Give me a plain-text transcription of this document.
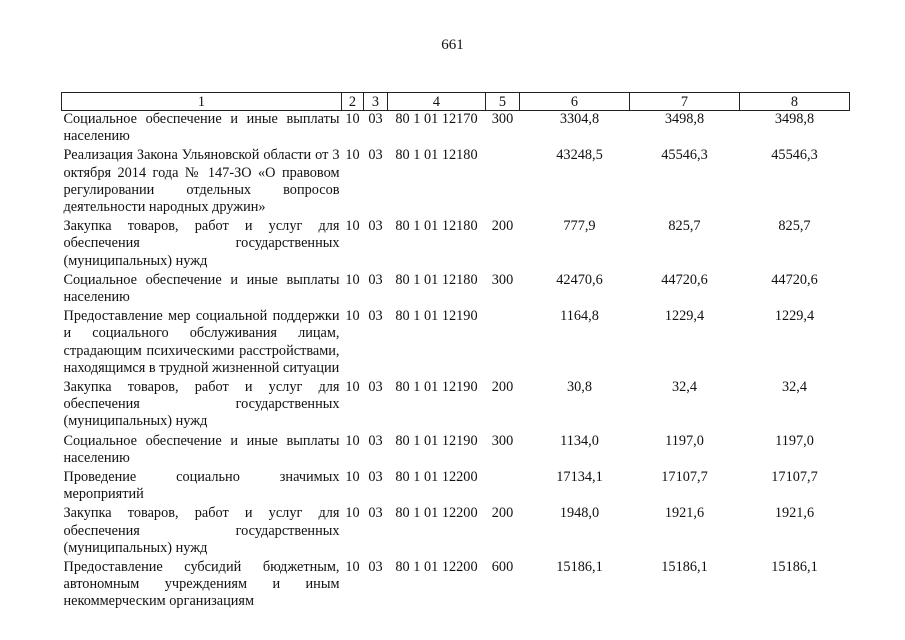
661
1	2	3	4	5	6	7	8
Социальное обеспечение и иные выплаты населению	10	03	80 1 01 12170	300	3304,8	3498,8	3498,8
Реализация Закона Ульяновской области от 3 октября 2014 года № 147-ЗО «О правовом регулировании отдельных вопросов деятельности народных дружин»	10	03	80 1 01 12180		43248,5	45546,3	45546,3
Закупка товаров, работ и услуг для обеспечения государственных (муниципальных) нужд	10	03	80 1 01 12180	200	777,9	825,7	825,7
Социальное обеспечение и иные выплаты населению	10	03	80 1 01 12180	300	42470,6	44720,6	44720,6
Предоставление мер социальной поддержки и социального обслуживания лицам, страдающим психическими расстройствами, находящимся в трудной жизненной ситуации	10	03	80 1 01 12190		1164,8	1229,4	1229,4
Закупка товаров, работ и услуг для обеспечения государственных (муниципальных) нужд	10	03	80 1 01 12190	200	30,8	32,4	32,4
Социальное обеспечение и иные выплаты населению	10	03	80 1 01 12190	300	1134,0	1197,0	1197,0
Проведение социально значимых мероприятий	10	03	80 1 01 12200		17134,1	17107,7	17107,7
Закупка товаров, работ и услуг для обеспечения государственных (муниципальных) нужд	10	03	80 1 01 12200	200	1948,0	1921,6	1921,6
Предоставление субсидий бюджетным, автономным учреждениям и иным некоммерческим организациям	10	03	80 1 01 12200	600	15186,1	15186,1	15186,1
